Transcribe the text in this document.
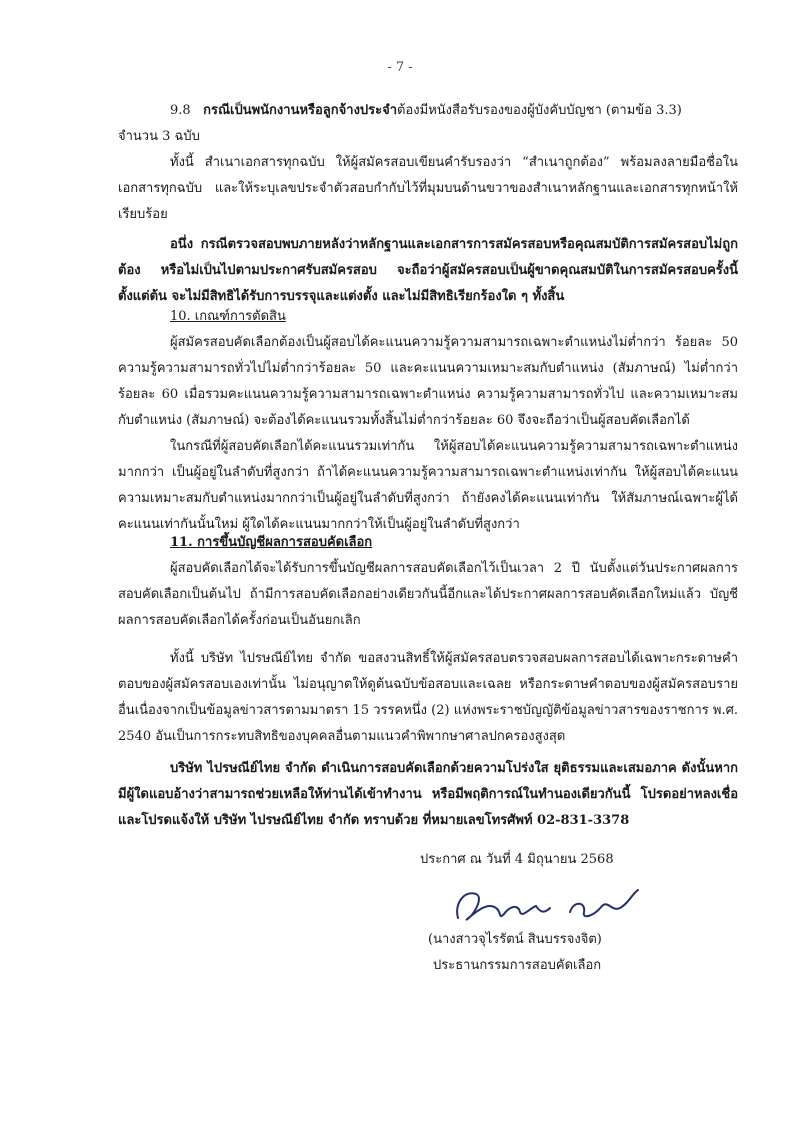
- 7 -
9.8 กรณีเป็นพนักงานหรือลูกจ้างประจำต้องมีหนังสือรับรองของผู้บังคับบัญชา (ตามข้อ 3.3)
จำนวน 3 ฉบับ
ทั้งนี้ สำเนาเอกสารทุกฉบับ ให้ผู้สมัครสอบเขียนคำรับรองว่า “สำเนาถูกต้อง” พร้อมลงลายมือชื่อในเอกสารทุกฉบับ และให้ระบุเลขประจำตัวสอบกำกับไว้ที่มุมบนด้านขวาของสำเนาหลักฐานและเอกสารทุกหน้าให้เรียบร้อย
อนึ่ง กรณีตรวจสอบพบภายหลังว่าหลักฐานและเอกสารการสมัครสอบหรือคุณสมบัติการสมัครสอบไม่ถูกต้อง หรือไม่เป็นไปตามประกาศรับสมัครสอบ จะถือว่าผู้สมัครสอบเป็นผู้ขาดคุณสมบัติในการสมัครสอบครั้งนี้ตั้งแต่ต้น จะไม่มีสิทธิได้รับการบรรจุและแต่งตั้ง และไม่มีสิทธิเรียกร้องใด ๆ ทั้งสิ้น
10. เกณฑ์การตัดสิน
ผู้สมัครสอบคัดเลือกต้องเป็นผู้สอบได้คะแนนความรู้ความสามารถเฉพาะตำแหน่งไม่ต่ำกว่า ร้อยละ 50 ความรู้ความสามารถทั่วไปไม่ต่ำกว่าร้อยละ 50 และคะแนนความเหมาะสมกับตำแหน่ง (สัมภาษณ์) ไม่ต่ำกว่าร้อยละ 60 เมื่อรวมคะแนนความรู้ความสามารถเฉพาะตำแหน่ง ความรู้ความสามารถทั่วไป และความเหมาะสมกับตำแหน่ง (สัมภาษณ์) จะต้องได้คะแนนรวมทั้งสิ้นไม่ต่ำกว่าร้อยละ 60 จึงจะถือว่าเป็นผู้สอบคัดเลือกได้
ในกรณีที่ผู้สอบคัดเลือกได้คะแนนรวมเท่ากัน ให้ผู้สอบได้คะแนนความรู้ความสามารถเฉพาะตำแหน่งมากกว่า เป็นผู้อยู่ในลำดับที่สูงกว่า ถ้าได้คะแนนความรู้ความสามารถเฉพาะตำแหน่งเท่ากัน ให้ผู้สอบได้คะแนนความเหมาะสมกับตำแหน่งมากกว่าเป็นผู้อยู่ในลำดับที่สูงกว่า ถ้ายังคงได้คะแนนเท่ากัน ให้สัมภาษณ์เฉพาะผู้ได้คะแนนเท่ากันนั้นใหม่ ผู้ใดได้คะแนนมากกว่าให้เป็นผู้อยู่ในลำดับที่สูงกว่า
11. การขึ้นบัญชีผลการสอบคัดเลือก
ผู้สอบคัดเลือกได้จะได้รับการขึ้นบัญชีผลการสอบคัดเลือกไว้เป็นเวลา 2 ปี นับตั้งแต่วันประกาศผลการสอบคัดเลือกเป็นต้นไป ถ้ามีการสอบคัดเลือกอย่างเดียวกันนี้อีกและได้ประกาศผลการสอบคัดเลือกใหม่แล้ว บัญชีผลการสอบคัดเลือกได้ครั้งก่อนเป็นอันยกเลิก
ทั้งนี้ บริษัท ไปรษณีย์ไทย จำกัด ขอสงวนสิทธิ์ให้ผู้สมัครสอบตรวจสอบผลการสอบได้เฉพาะกระดาษคำตอบของผู้สมัครสอบเองเท่านั้น ไม่อนุญาตให้ดูต้นฉบับข้อสอบและเฉลย หรือกระดาษคำตอบของผู้สมัครสอบรายอื่นเนื่องจากเป็นข้อมูลข่าวสารตามมาตรา 15 วรรคหนึ่ง (2) แห่งพระราชบัญญัติข้อมูลข่าวสารของราชการ พ.ศ. 2540 อันเป็นการกระทบสิทธิของบุคคลอื่นตามแนวคำพิพากษาศาลปกครองสูงสุด
บริษัท ไปรษณีย์ไทย จำกัด ดำเนินการสอบคัดเลือกด้วยความโปร่งใส ยุติธรรมและเสมอภาค ดังนั้นหากมีผู้ใดแอบอ้างว่าสามารถช่วยเหลือให้ท่านได้เข้าทำงาน หรือมีพฤติการณ์ในทำนองเดียวกันนี้ โปรดอย่าหลงเชื่อ และโปรดแจ้งให้ บริษัท ไปรษณีย์ไทย จำกัด ทราบด้วย ที่หมายเลขโทรศัพท์ 02-831-3378
ประกาศ ณ วันที่ 4 มิถุนายน 2568
(นางสาวจุไรรัตน์ สินบรรจงจิต)
ประธานกรรมการสอบคัดเลือก
